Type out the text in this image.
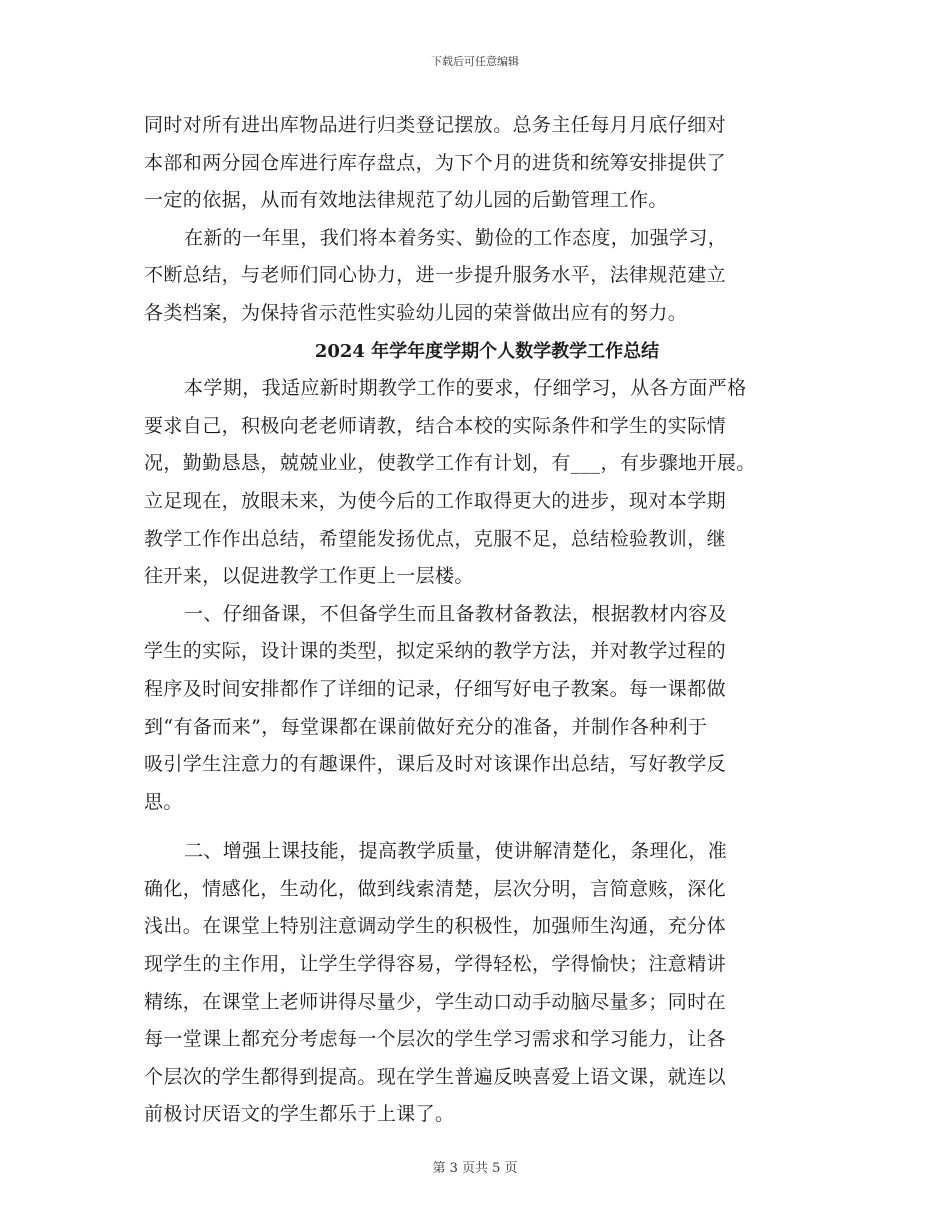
下载后可任意编辑
同时对所有进出库物品进行归类登记摆放。总务主任每月月底仔细对
本部和两分园仓库进行库存盘点，为下个月的进货和统筹安排提供了
一定的依据，从而有效地法律规范了幼儿园的后勤管理工作。
在新的一年里，我们将本着务实、勤俭的工作态度，加强学习，
不断总结，与老师们同心协力，进一步提升服务水平，法律规范建立
各类档案，为保持省示范性实验幼儿园的荣誉做出应有的努力。
2024 年学年度学期个人数学教学工作总结
本学期，我适应新时期教学工作的要求，仔细学习，从各方面严格
要求自己，积极向老老师请教，结合本校的实际条件和学生的实际情
况，勤勤恳恳，兢兢业业，使教学工作有计划，有___，有步骤地开展。
立足现在，放眼未来，为使今后的工作取得更大的进步，现对本学期
教学工作作出总结，希望能发扬优点，克服不足，总结检验教训，继
往开来，以促进教学工作更上一层楼。
一、仔细备课，不但备学生而且备教材备教法，根据教材内容及
学生的实际，设计课的类型，拟定采纳的教学方法，并对教学过程的
程序及时间安排都作了详细的记录，仔细写好电子教案。每一课都做
到“有备而来”，每堂课都在课前做好充分的准备，并制作各种利于
吸引学生注意力的有趣课件，课后及时对该课作出总结，写好教学反
思。
二、增强上课技能，提高教学质量，使讲解清楚化，条理化，准
确化，情感化，生动化，做到线索清楚，层次分明，言简意赅，深化
浅出。在课堂上特别注意调动学生的积极性，加强师生沟通，充分体
现学生的主作用，让学生学得容易，学得轻松，学得愉快；注意精讲
精练，在课堂上老师讲得尽量少，学生动口动手动脑尽量多；同时在
每一堂课上都充分考虑每一个层次的学生学习需求和学习能力，让各
个层次的学生都得到提高。现在学生普遍反映喜爱上语文课，就连以
前极讨厌语文的学生都乐于上课了。
第 3 页共 5 页
